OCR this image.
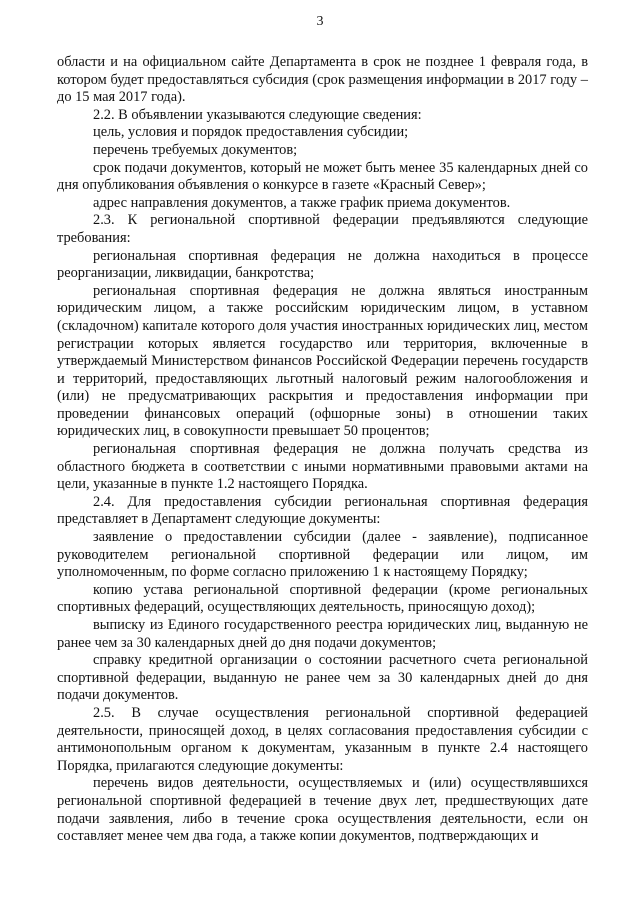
3

области и на официальном сайте Департамента в срок не позднее 1 февраля года, в котором будет предоставляться субсидия (срок размещения информации в 2017 году – до 15 мая 2017 года).

2.2. В объявлении указываются следующие сведения:

цель, условия и порядок предоставления субсидии;

перечень требуемых документов;

срок подачи документов, который не может быть менее 35 календарных дней со дня опубликования объявления о конкурсе в газете «Красный Север»;

адрес направления документов, а также график приема документов.

2.3. К региональной спортивной федерации предъявляются следующие требования:

региональная спортивная федерация не должна находиться в процессе реорганизации, ликвидации, банкротства;

региональная спортивная федерация не должна являться иностранным юридическим лицом, а также российским юридическим лицом, в уставном (складочном) капитале которого доля участия иностранных юридических лиц, местом регистрации которых является государство или территория, включенные в утверждаемый Министерством финансов Российской Федерации перечень государств и территорий, предоставляющих льготный налоговый режим налогообложения и (или) не предусматривающих раскрытия и предоставления информации при проведении финансовых операций (офшорные зоны) в отношении таких юридических лиц, в совокупности превышает 50 процентов;

региональная спортивная федерация не должна получать средства из областного бюджета в соответствии с иными нормативными правовыми актами на цели, указанные в пункте 1.2 настоящего Порядка.

2.4. Для предоставления субсидии региональная спортивная федерация представляет в Департамент следующие документы:

заявление о предоставлении субсидии (далее - заявление), подписанное руководителем региональной спортивной федерации или лицом, им уполномоченным, по форме согласно приложению 1 к настоящему Порядку;

копию устава региональной спортивной федерации (кроме региональных спортивных федераций, осуществляющих деятельность, приносящую доход);

выписку из Единого государственного реестра юридических лиц, выданную не ранее чем за 30 календарных дней до дня подачи документов;

справку кредитной организации о состоянии расчетного счета региональной спортивной федерации, выданную не ранее чем за 30 календарных дней до дня подачи документов.

2.5. В случае осуществления региональной спортивной федерацией деятельности, приносящей доход, в целях согласования предоставления субсидии с антимонопольным органом к документам, указанным в пункте 2.4 настоящего Порядка, прилагаются следующие документы:

перечень видов деятельности, осуществляемых и (или) осуществлявшихся региональной спортивной федерацией в течение двух лет, предшествующих дате подачи заявления, либо в течение срока осуществления деятельности, если он составляет менее чем два года, а также копии документов, подтверждающих и
